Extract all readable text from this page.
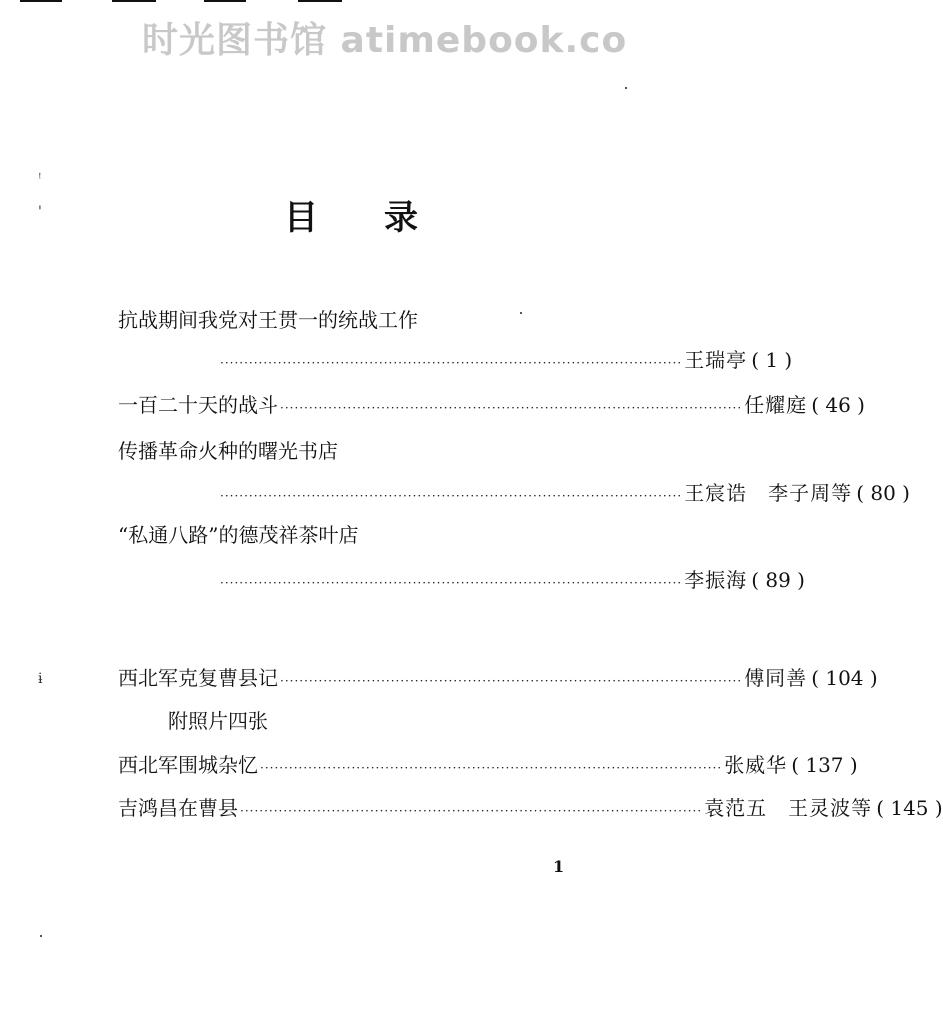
时光图书馆 atimebook.co
ꜝ
ꞌ
ɨ
目 录
抗战期间我党对王贯一的统战工作
·····
王瑞亭 ( 1 )
一百二十天的战斗 ·····	任耀庭 ( 46 )
传播革命火种的曙光书店
·····
王宸诰　李子周等 ( 80 )
“私通八路”的德茂祥茶叶店
·····
李振海 ( 89 )
西北军克复曹县记 ·····	傅同善 ( 104 )
附照片四张
西北军围城杂忆 ·····	张威华 ( 137 )
吉鸿昌在曹县 ·····	袁范五　王灵波等 ( 145 )
1
